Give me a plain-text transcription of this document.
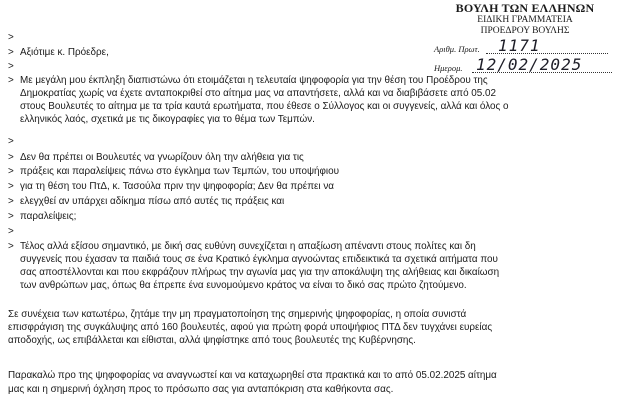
ΒΟΥΛΗ ΤΩΝ ΕΛΛΗΝΩΝ
ΕΙΔΙΚΗ ΓΡΑΜΜΑΤΕΙΑ
ΠΡΟΕΔΡΟΥ ΒΟΥΛΗΣ
Αριθμ. Πρωτ. 1171
Ημερομ. 12/02/2025
>
>
>
>
>
>
>
>
>
>
>
>
Αξιότιμε κ. Πρόεδρε,
Με μεγάλη μου έκπληξη διαπιστώνω ότι ετοιμάζεται η τελευταία ψηφοφορία για την θέση του Προέδρου της
Δημοκρατίας χωρίς να έχετε ανταποκριθεί στο αίτημα μας να απαντήσετε, αλλά και να διαβιβάσετε από 05.02
στους Βουλευτές το αίτημα με τα τρία καυτά ερωτήματα, που έθεσε ο Σύλλογος και οι συγγενείς, αλλά και όλος ο
ελληνικός λαός, σχετικά με τις δικογραφίες για το θέμα των Τεμπών.
Δεν θα πρέπει οι Βουλευτές να γνωρίζουν όλη την αλήθεια για τις
πράξεις και παραλείψεις πάνω στο έγκλημα των Τεμπών, του υποψήφιου
για τη θέση του ΠτΔ, κ. Τασούλα πριν την ψηφοφορία; Δεν θα πρέπει να
ελεγχθεί αν υπάρχει αδίκημα πίσω από αυτές τις πράξεις και
παραλείψεις;
Τέλος αλλά εξίσου σημαντικό, με δική σας ευθύνη συνεχίζεται η απαξίωση απέναντι στους πολίτες και δη
συγγενείς που έχασαν τα παιδιά τους σε ένα Κρατικό έγκλημα αγνοώντας επιδεικτικά τα σχετικά αιτήματα που
σας αποστέλλονται και που εκφράζουν πλήρως την αγωνία μας για την αποκάλυψη της αλήθειας και δικαίωση
των ανθρώπων μας, όπως θα έπρεπε ένα ευνομούμενο κράτος να είναι το δικό σας πρώτο ζητούμενο.
Σε συνέχεια των κατωτέρω, ζητάμε την μη πραγματοποίηση της σημερινής ψηφοφορίας, η οποία συνιστά
επισφράγιση της συγκάλυψης από 160 βουλευτές, αφού για πρώτη φορά υποψήφιος ΠΤΔ δεν τυγχάνει ευρείας
αποδοχής, ως επιβάλλεται και είθισται, αλλά ψηφίστηκε από τους βουλευτές της Κυβέρνησης.
Παρακαλώ προ της ψηφοφορίας να αναγνωστεί και να καταχωρηθεί στα πρακτικά και το από 05.02.2025 αίτημα
μας και η σημερινή όχληση προς το πρόσωπο σας για ανταπόκριση στα καθήκοντα σας.
